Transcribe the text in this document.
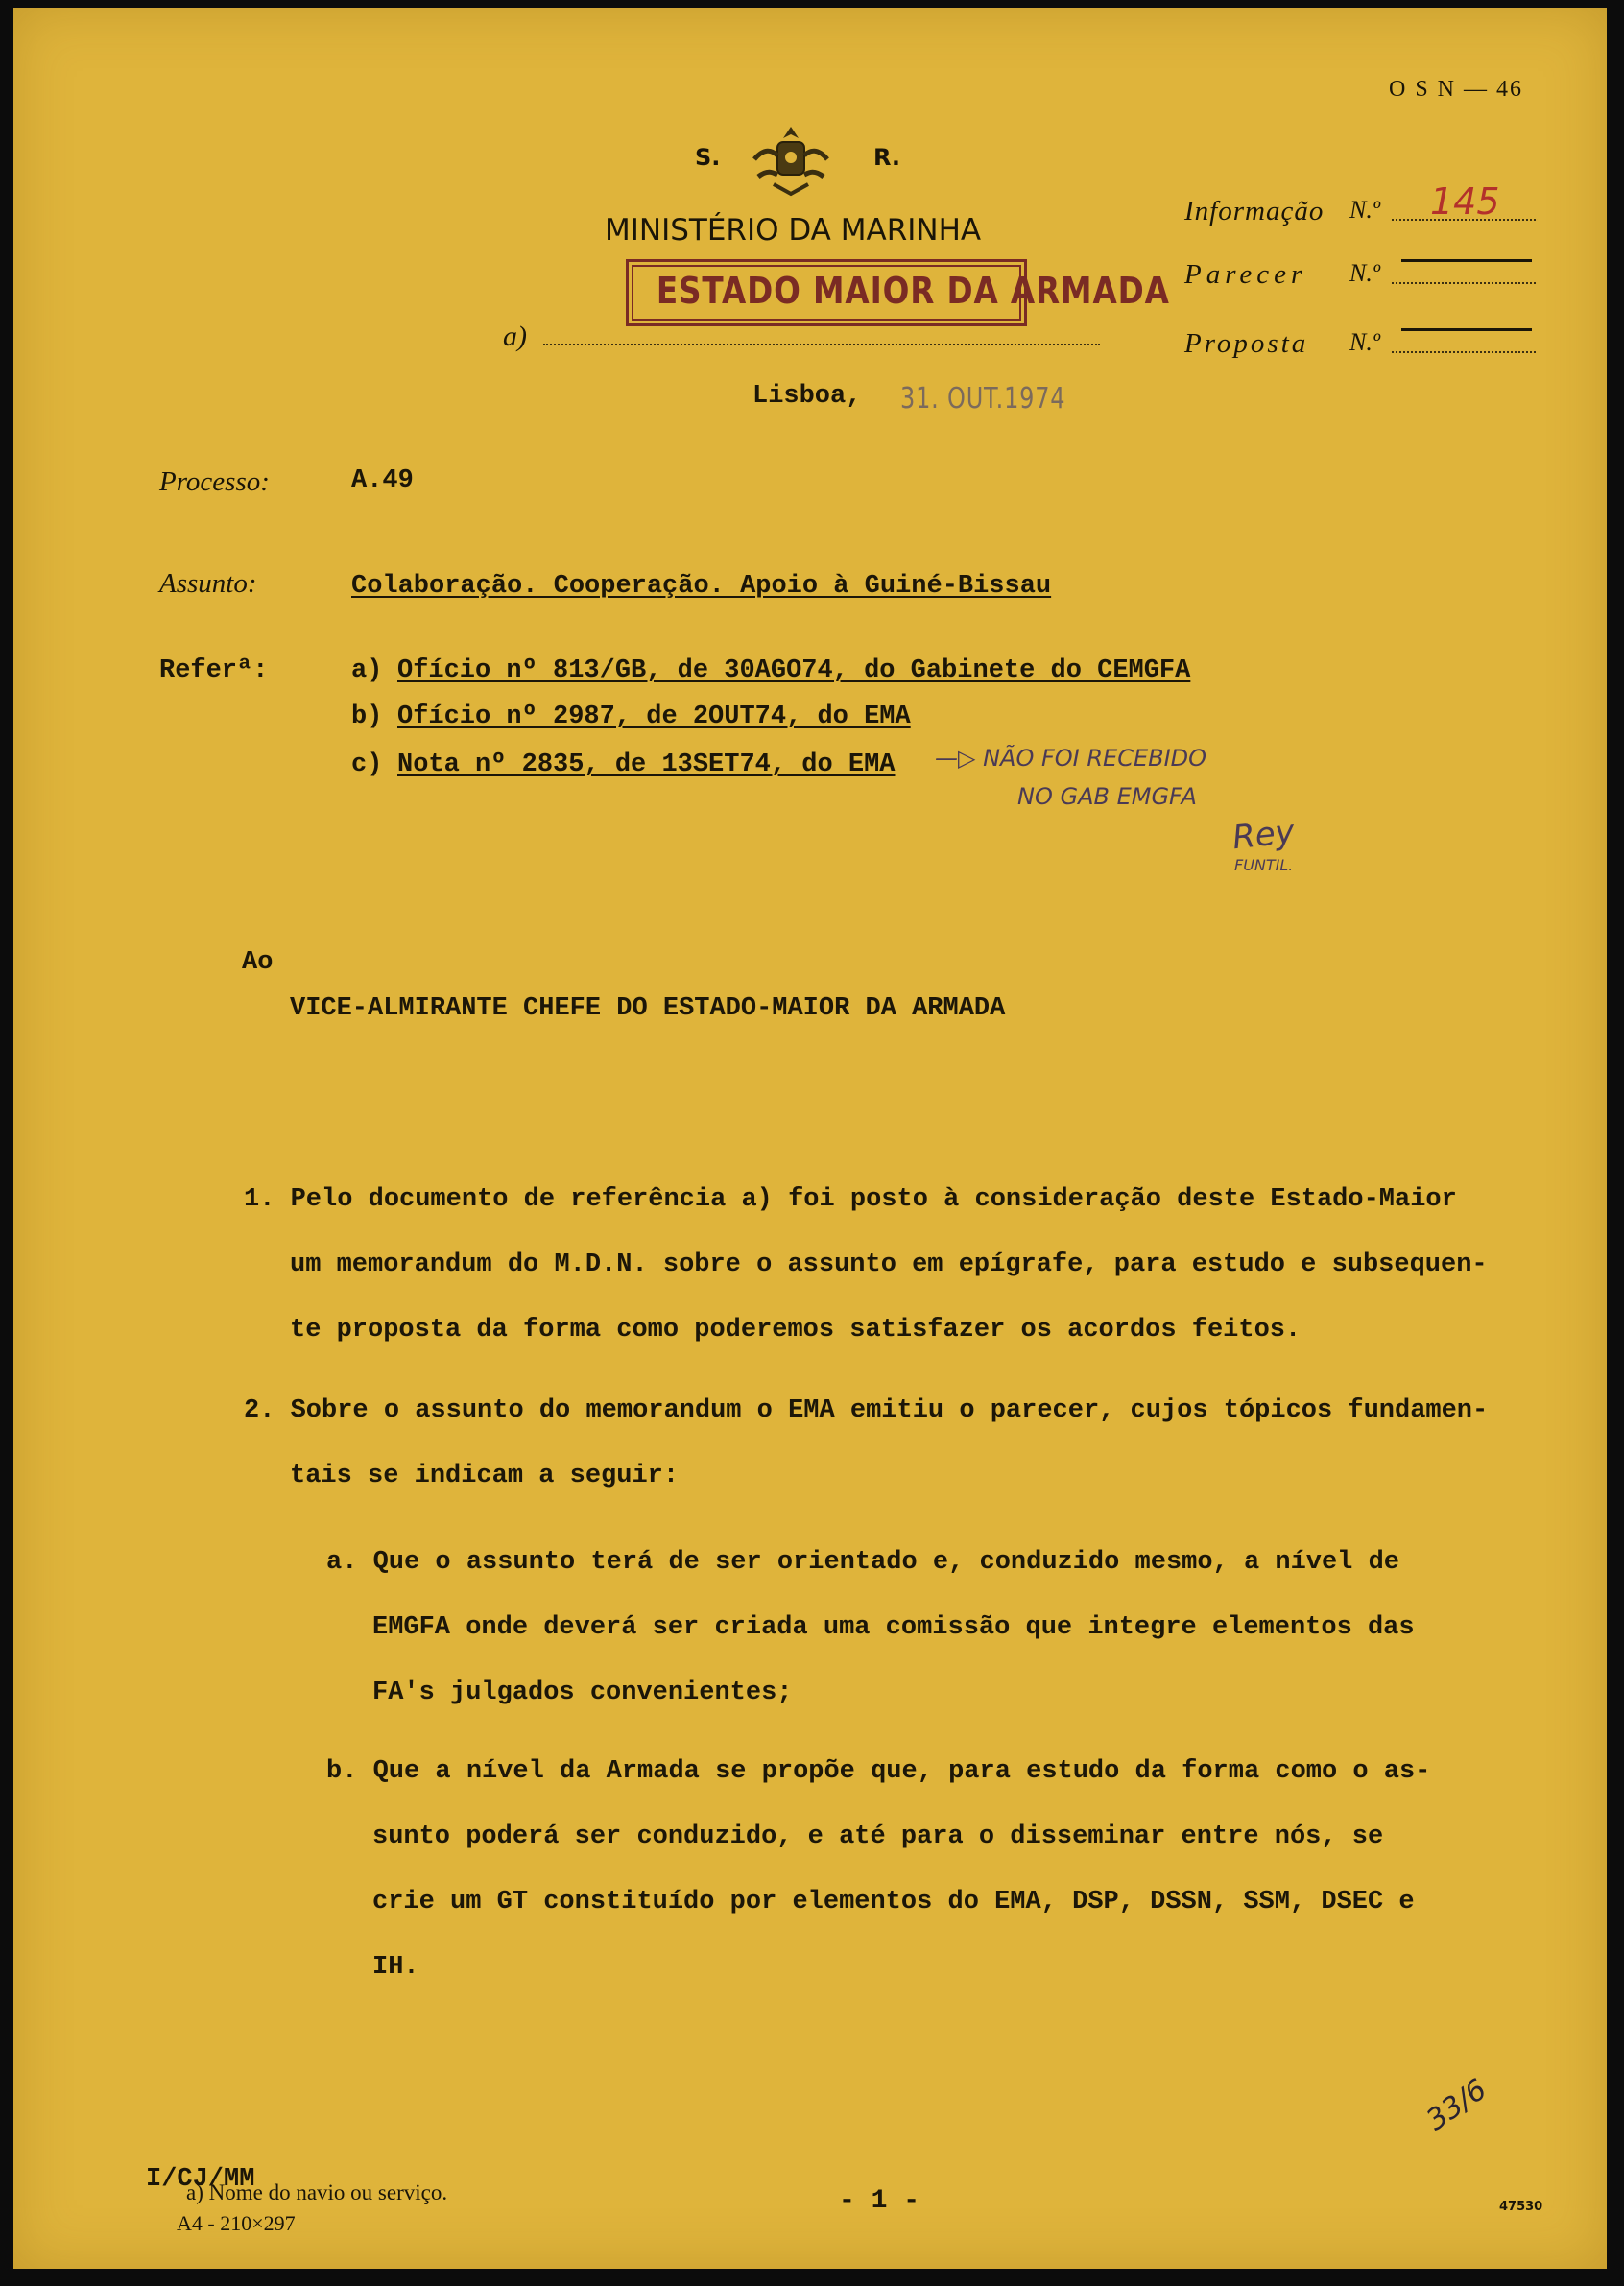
O S N — 46
S.	R.
MINISTÉRIO DA MARINHA
ESTADO MAIOR DA ARMADA
a)
Lisboa, 31. OUT.1974
Informação N.º 145
Parecer N.º
Proposta N.º
Processo:	A.49
Assunto:	Colaboração. Cooperação. Apoio à Guiné-Bissau
Referª:	a) Ofício nº 813/GB, de 30AGO74, do Gabinete do CEMGFA
b) Ofício nº 2987, de 2OUT74, do EMA
c) Nota nº 2835, de 13SET74, do EMA —▷ NÃO FOI RECEBIDO
NO GAB EMGFA
Rey
FUNTIL.
Ao
VICE-ALMIRANTE CHEFE DO ESTADO-MAIOR DA ARMADA
1. Pelo documento de referência a) foi posto à consideração deste Estado-Maior
um memorandum do M.D.N. sobre o assunto em epígrafe, para estudo e subsequen-
te proposta da forma como poderemos satisfazer os acordos feitos.
2. Sobre o assunto do memorandum o EMA emitiu o parecer, cujos tópicos fundamen-
tais se indicam a seguir:
a. Que o assunto terá de ser orientado e, conduzido mesmo, a nível de
EMGFA onde deverá ser criada uma comissão que integre elementos das
FA's julgados convenientes;
b. Que a nível da Armada se propõe que, para estudo da forma como o as-
sunto poderá ser conduzido, e até para o disseminar entre nós, se
crie um GT constituído por elementos do EMA, DSP, DSSN, SSM, DSEC e
IH.
33/6
I/CJ/MM
a) Nome do navio ou serviço.
A4 - 210×297
- 1 -	47530
